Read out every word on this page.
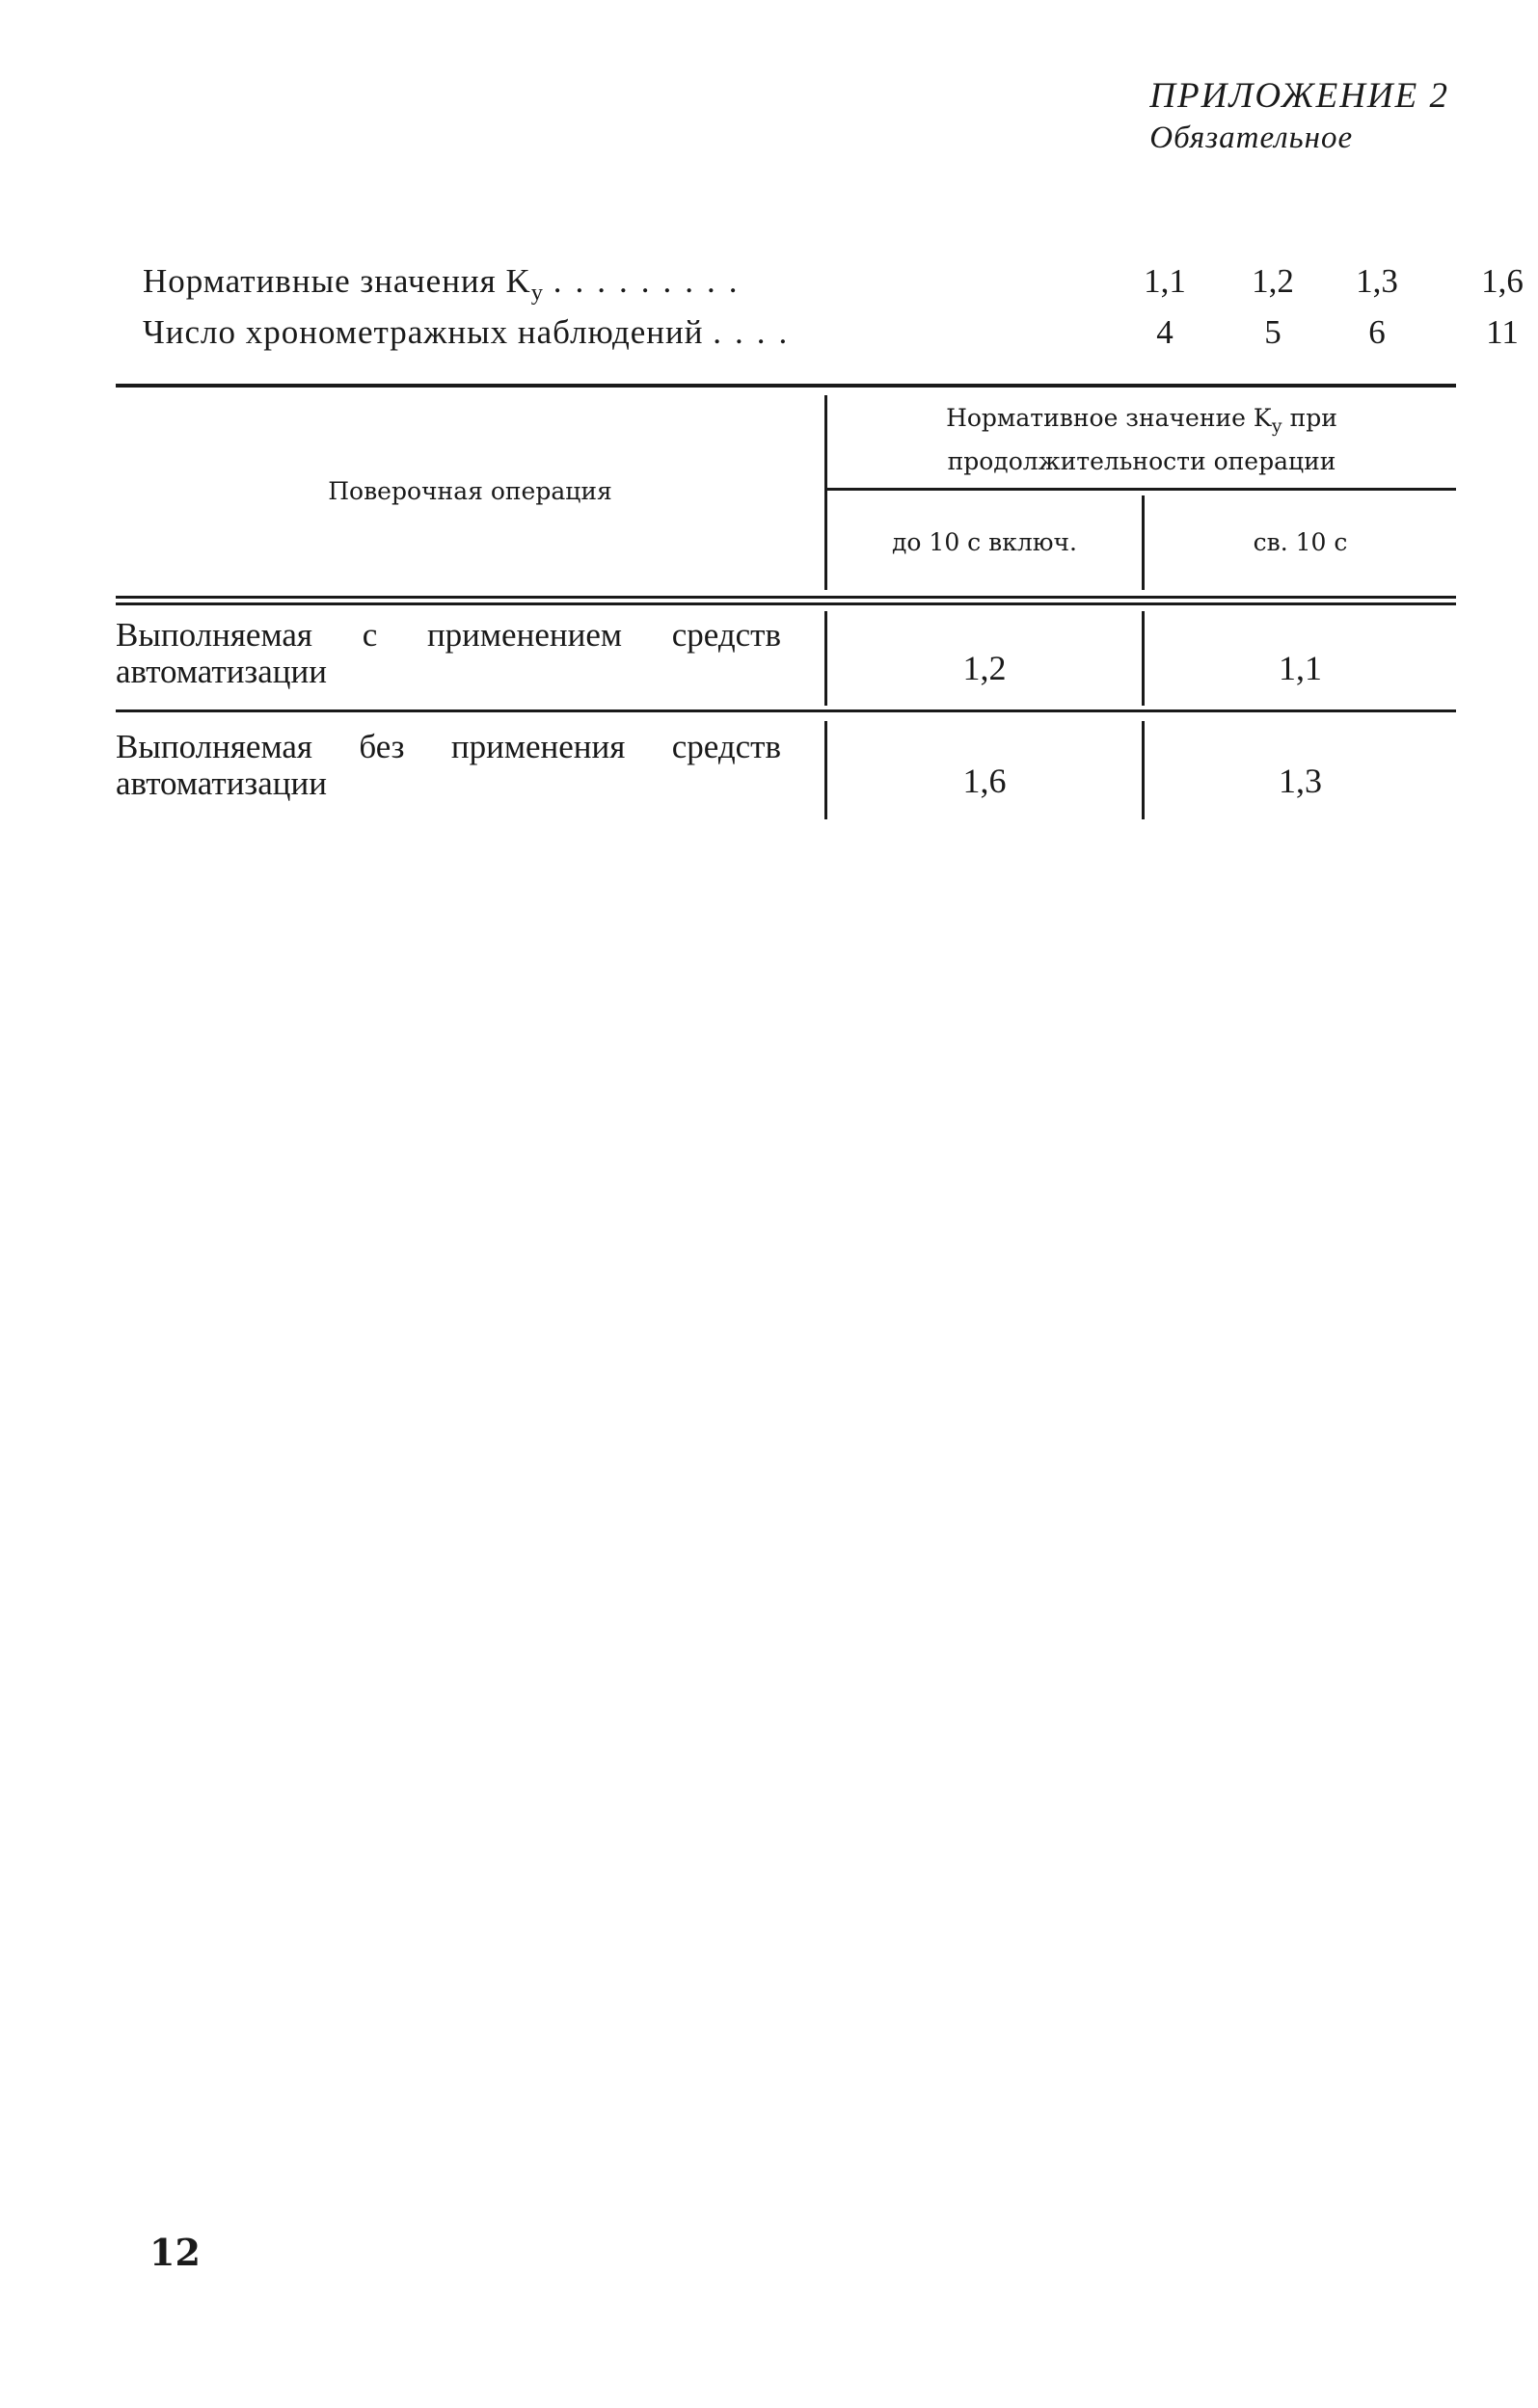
ПРИЛОЖЕНИЕ 2
Обязательное
Нормативные значения $K_у$ .........	1,1 1,2 1,3 1,6
Число хронометражных наблюдений ....	4	5	6	11
Поверочная операция
Нормативное значение $K_у$ при
продолжительности операции
до 10 с включ.	св. 10 с
Выполняемая с применением средств автоматизации	1,2	1,1
Выполняемая без применения средств автоматизации	1,6	1,3
12
